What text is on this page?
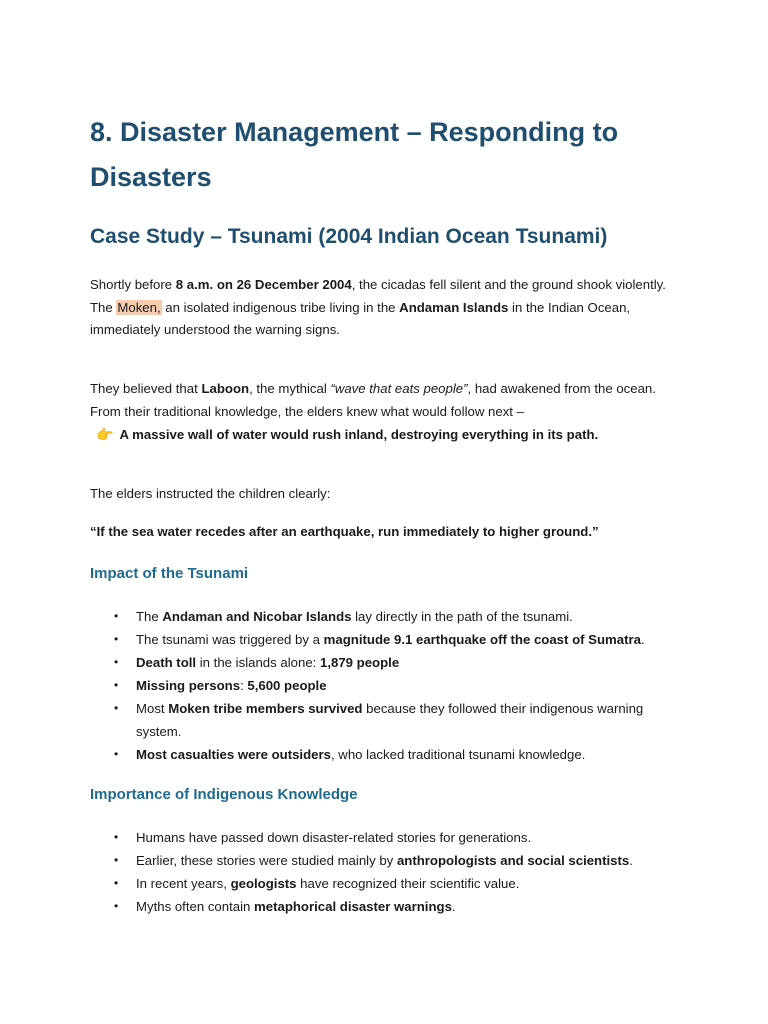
8. Disaster Management – Responding to Disasters
Case Study – Tsunami (2004 Indian Ocean Tsunami)

Shortly before 8 a.m. on 26 December 2004, the cicadas fell silent and the ground shook violently.
The Moken, an isolated indigenous tribe living in the Andaman Islands in the Indian Ocean, immediately understood the warning signs.

They believed that Laboon, the mythical “wave that eats people”, had awakened from the ocean.
From their traditional knowledge, the elders knew what would follow next –
👉 A massive wall of water would rush inland, destroying everything in its path.

The elders instructed the children clearly:

“If the sea water recedes after an earthquake, run immediately to higher ground.”

Impact of the Tsunami
• The Andaman and Nicobar Islands lay directly in the path of the tsunami.
• The tsunami was triggered by a magnitude 9.1 earthquake off the coast of Sumatra.
• Death toll in the islands alone: 1,879 people
• Missing persons: 5,600 people
• Most Moken tribe members survived because they followed their indigenous warning system.
• Most casualties were outsiders, who lacked traditional tsunami knowledge.
Importance of Indigenous Knowledge
• Humans have passed down disaster-related stories for generations.
• Earlier, these stories were studied mainly by anthropologists and social scientists.
• In recent years, geologists have recognized their scientific value.
• Myths often contain metaphorical disaster warnings.
